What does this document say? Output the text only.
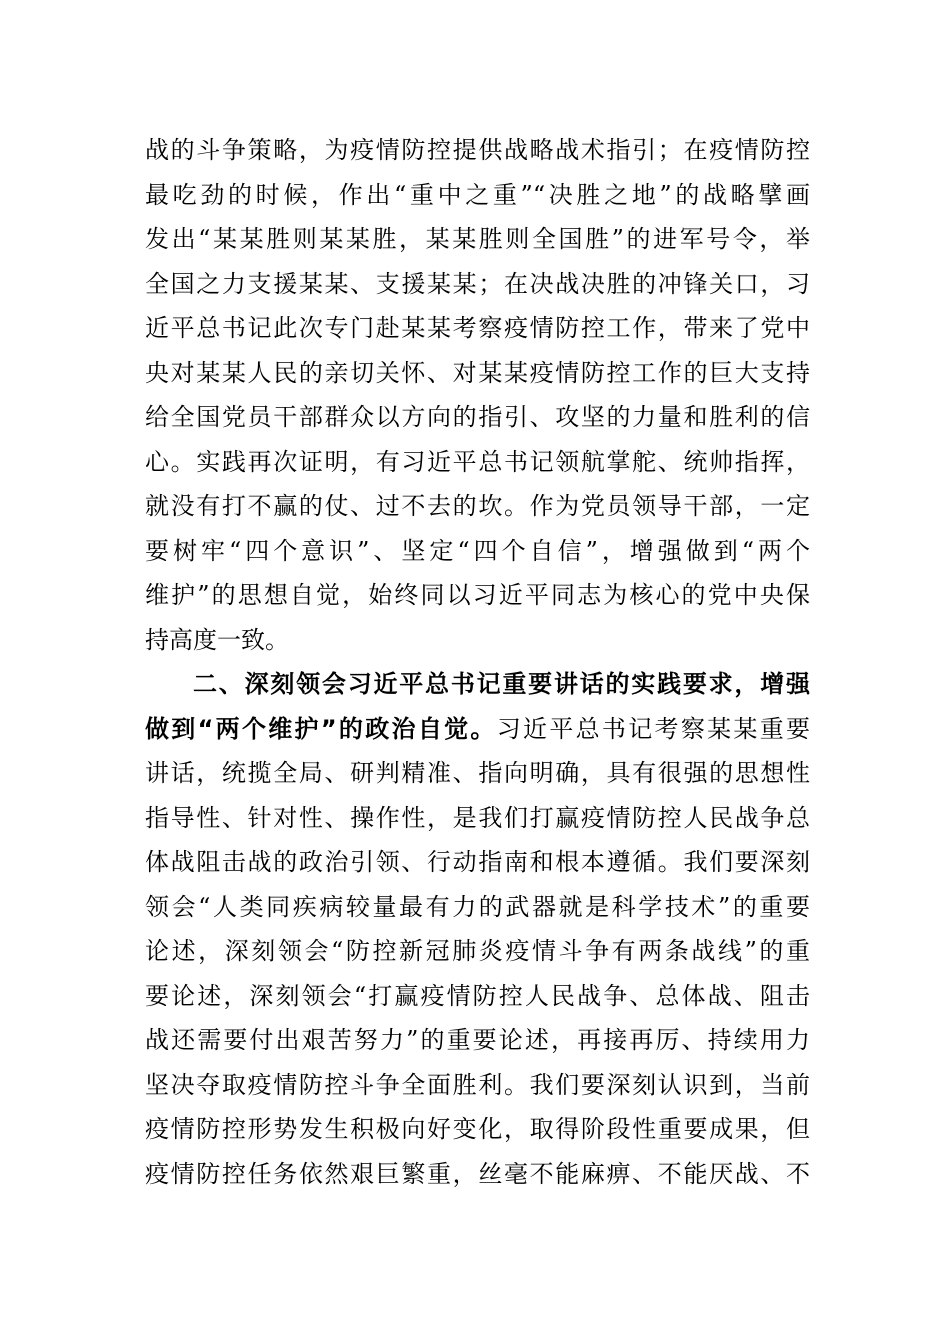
战的斗争策略，为疫情防控提供战略战术指引；在疫情防控
最吃劲的时候，作出“重中之重”“决胜之地”的战略擘画
发出“某某胜则某某胜，某某胜则全国胜”的进军号令，举
全国之力支援某某、支援某某；在决战决胜的冲锋关口，习
近平总书记此次专门赴某某考察疫情防控工作，带来了党中
央对某某人民的亲切关怀、对某某疫情防控工作的巨大支持
给全国党员干部群众以方向的指引、攻坚的力量和胜利的信
心。实践再次证明，有习近平总书记领航掌舵、统帅指挥，
就没有打不赢的仗、过不去的坎。作为党员领导干部，一定
要树牢“四个意识”、坚定“四个自信”，增强做到“两个
维护”的思想自觉，始终同以习近平同志为核心的党中央保
持高度一致。
二、深刻领会习近平总书记重要讲话的实践要求，增强
做到“两个维护”的政治自觉。习近平总书记考察某某重要
讲话，统揽全局、研判精准、指向明确，具有很强的思想性
指导性、针对性、操作性，是我们打赢疫情防控人民战争总
体战阻击战的政治引领、行动指南和根本遵循。我们要深刻
领会“人类同疾病较量最有力的武器就是科学技术”的重要
论述，深刻领会“防控新冠肺炎疫情斗争有两条战线”的重
要论述，深刻领会“打赢疫情防控人民战争、总体战、阻击
战还需要付出艰苦努力”的重要论述，再接再厉、持续用力
坚决夺取疫情防控斗争全面胜利。我们要深刻认识到，当前
疫情防控形势发生积极向好变化，取得阶段性重要成果，但
疫情防控任务依然艰巨繁重，丝毫不能麻痹、不能厌战、不
